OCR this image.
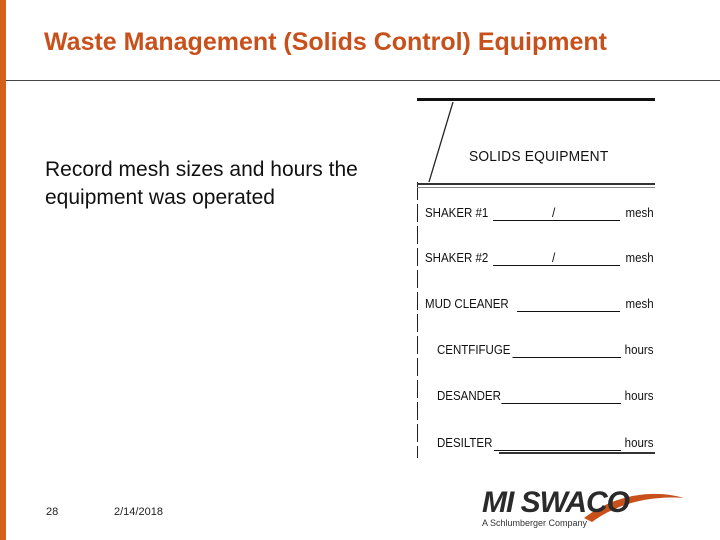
Waste Management (Solids Control) Equipment
Record mesh sizes and hours the equipment was operated
SOLIDS EQUIPMENT
SHAKER #1	/	mesh
SHAKER #2	/	mesh
MUD CLEANER	mesh
CENTFIFUGE	hours
DESANDER	hours
DESILTER	hours
28	2/14/2018	MI SWACO
A Schlumberger Company
